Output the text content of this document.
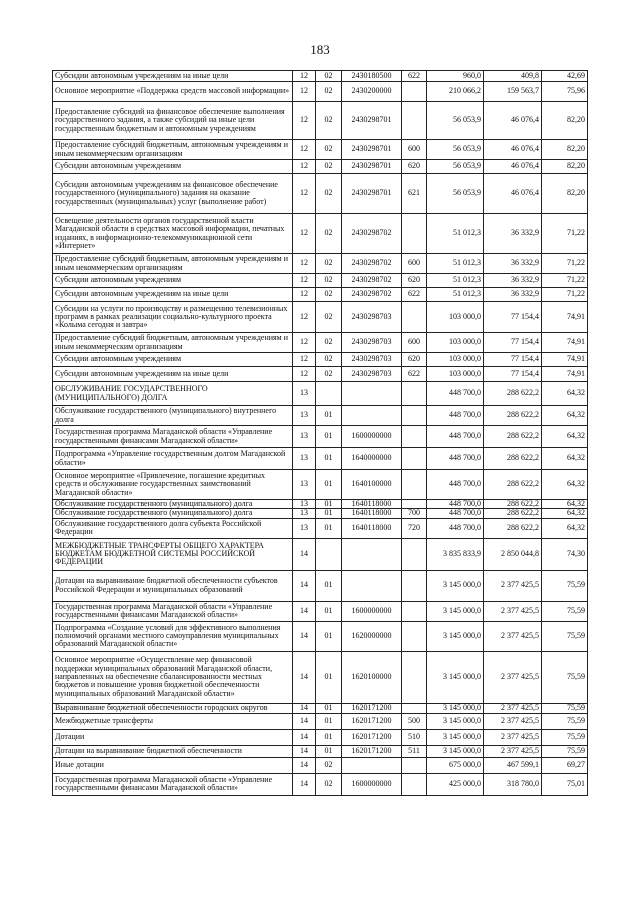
183
Субсидии автономным учреждениям на иные цели	12	02	2430180500	622	960,0	409,8	42,69
Основное мероприятие «Поддержка средств массовой информации»	12	02	2430200000		210 066,2	159 563,7	75,96
Предоставление субсидий на финансовое обеспечение выполнения государственного задания, а также субсидий на иные цели государственным бюджетным и автономным учреждениям	12	02	2430298701		56 053,9	46 076,4	82,20
Предоставление субсидий бюджетным, автономным учреждениям и иным некоммерческим организациям	12	02	2430298701	600	56 053,9	46 076,4	82,20
Субсидии автономным учреждениям	12	02	2430298701	620	56 053,9	46 076,4	82,20
Субсидии автономным учреждениям на финансовое обеспечение государственного (муниципального) задания на оказание государственных (муниципальных) услуг (выполнение работ)	12	02	2430298701	621	56 053,9	46 076,4	82,20
Освещение деятельности органов государственной власти Магаданской области в средствах массовой информации, печатных изданиях, в информационно-телекоммуникационной сети «Интернет»	12	02	2430298702		51 012,3	36 332,9	71,22
Предоставление субсидий бюджетным, автономным учреждениям и иным некоммерческим организациям	12	02	2430298702	600	51 012,3	36 332,9	71,22
Субсидии автономным учреждениям	12	02	2430298702	620	51 012,3	36 332,9	71,22
Субсидии автономным учреждениям на иные цели	12	02	2430298702	622	51 012,3	36 332,9	71,22
Субсидии на услуги по производству и размещению телевизионных программ в рамках реализации социально-культурного проекта «Колыма сегодня и завтра»	12	02	2430298703		103 000,0	77 154,4	74,91
Предоставление субсидий бюджетным, автономным учреждениям и иным некоммерческим организациям	12	02	2430298703	600	103 000,0	77 154,4	74,91
Субсидии автономным учреждениям	12	02	2430298703	620	103 000,0	77 154,4	74,91
Субсидии автономным учреждениям на иные цели	12	02	2430298703	622	103 000,0	77 154,4	74,91
ОБСЛУЖИВАНИЕ ГОСУДАРСТВЕННОГО (МУНИЦИПАЛЬНОГО) ДОЛГА	13				448 700,0	288 622,2	64,32
Обслуживание государственного (муниципального) внутреннего долга	13	01			448 700,0	288 622,2	64,32
Государственная программа Магаданской области «Управление государственными финансами Магаданской области»	13	01	1600000000		448 700,0	288 622,2	64,32
Подпрограмма «Управление государственным долгом Магаданской области»	13	01	1640000000		448 700,0	288 622,2	64,32
Основное мероприятие «Привлечение, погашение кредитных средств и обслуживание государственных заимствований Магаданской области»	13	01	1640100000		448 700,0	288 622,2	64,32
Обслуживание государственного (муниципального) долга	13	01	1640118000		448 700,0	288 622,2	64,32
Обслуживание государственного (муниципального) долга	13	01	1640118000	700	448 700,0	288 622,2	64,32
Обслуживание государственного долга субъекта Российской Федерации	13	01	1640118000	720	448 700,0	288 622,2	64,32
МЕЖБЮДЖЕТНЫЕ ТРАНСФЕРТЫ ОБЩЕГО ХАРАКТЕРА БЮДЖЕТАМ БЮДЖЕТНОЙ СИСТЕМЫ РОССИЙСКОЙ ФЕДЕРАЦИИ	14				3 835 833,9	2 850 044,8	74,30
Дотации на выравнивание бюджетной обеспеченности субъектов Российской Федерации и муниципальных образований	14	01			3 145 000,0	2 377 425,5	75,59
Государственная программа Магаданской области «Управление государственными финансами Магаданской области»	14	01	1600000000		3 145 000,0	2 377 425,5	75,59
Подпрограмма «Создание условий для эффективного выполнения полномочий органами местного самоуправления муниципальных образований Магаданской области»	14	01	1620000000		3 145 000,0	2 377 425,5	75,59
Основное мероприятие «Осуществление мер финансовой поддержки муниципальных образований Магаданской области, направленных на обеспечение сбалансированности местных бюджетов и повышение уровня бюджетной обеспеченности муниципальных образований Магаданской области»	14	01	1620100000		3 145 000,0	2 377 425,5	75,59
Выравнивание бюджетной обеспеченности городских округов	14	01	1620171200		3 145 000,0	2 377 425,5	75,59
Межбюджетные трансферты	14	01	1620171200	500	3 145 000,0	2 377 425,5	75,59
Дотации	14	01	1620171200	510	3 145 000,0	2 377 425,5	75,59
Дотации на выравнивание бюджетной обеспеченности	14	01	1620171200	511	3 145 000,0	2 377 425,5	75,59
Иные дотации	14	02			675 000,0	467 599,1	69,27
Государственная программа Магаданской области «Управление государственными финансами Магаданской области»	14	02	1600000000		425 000,0	318 780,0	75,01
